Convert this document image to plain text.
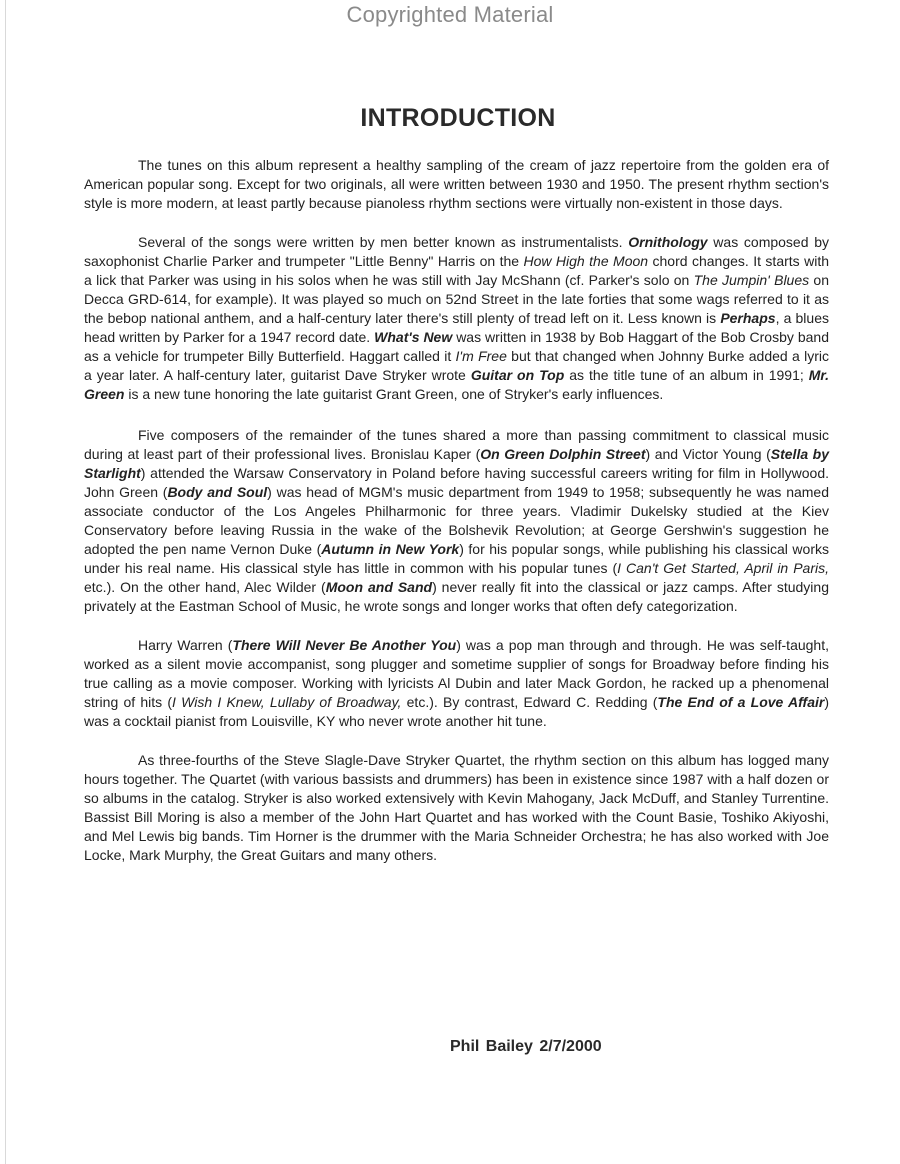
Copyrighted Material
INTRODUCTION

The tunes on this album represent a healthy sampling of the cream of jazz repertoire from the golden era of American popular song. Except for two originals, all were written between 1930 and 1950. The present rhythm section's style is more modern, at least partly because pianoless rhythm sections were virtually non-existent in those days.

Several of the songs were written by men better known as instrumentalists. Ornithology was composed by saxophonist Charlie Parker and trumpeter "Little Benny" Harris on the How High the Moon chord changes. It starts with a lick that Parker was using in his solos when he was still with Jay McShann (cf. Parker's solo on The Jumpin' Blues on Decca GRD-614, for example). It was played so much on 52nd Street in the late forties that some wags referred to it as the bebop national anthem, and a half-century later there's still plenty of tread left on it. Less known is Perhaps, a blues head written by Parker for a 1947 record date. What's New was written in 1938 by Bob Haggart of the Bob Crosby band as a vehicle for trumpeter Billy Butterfield. Haggart called it I'm Free but that changed when Johnny Burke added a lyric a year later. A half-century later, guitarist Dave Stryker wrote Guitar on Top as the title tune of an album in 1991; Mr. Green is a new tune honoring the late guitarist Grant Green, one of Stryker's early influences.

Five composers of the remainder of the tunes shared a more than passing commitment to classical music during at least part of their professional lives. Bronislau Kaper (On Green Dolphin Street) and Victor Young (Stella by Starlight) attended the Warsaw Conservatory in Poland before having successful careers writing for film in Hollywood. John Green (Body and Soul) was head of MGM's music department from 1949 to 1958; subsequently he was named associate conductor of the Los Angeles Philharmonic for three years. Vladimir Dukelsky studied at the Kiev Conservatory before leaving Russia in the wake of the Bolshevik Revolution; at George Gershwin's suggestion he adopted the pen name Vernon Duke (Autumn in New York) for his popular songs, while publishing his classical works under his real name. His classical style has little in common with his popular tunes (I Can't Get Started, April in Paris, etc.). On the other hand, Alec Wilder (Moon and Sand) never really fit into the classical or jazz camps. After studying privately at the Eastman School of Music, he wrote songs and longer works that often defy categorization.

Harry Warren (There Will Never Be Another You) was a pop man through and through. He was self-taught, worked as a silent movie accompanist, song plugger and sometime supplier of songs for Broadway before finding his true calling as a movie composer. Working with lyricists Al Dubin and later Mack Gordon, he racked up a phenomenal string of hits (I Wish I Knew, Lullaby of Broadway, etc.). By contrast, Edward C. Redding (The End of a Love Affair) was a cocktail pianist from Louisville, KY who never wrote another hit tune.

As three-fourths of the Steve Slagle-Dave Stryker Quartet, the rhythm section on this album has logged many hours together. The Quartet (with various bassists and drummers) has been in existence since 1987 with a half dozen or so albums in the catalog. Stryker is also worked extensively with Kevin Mahogany, Jack McDuff, and Stanley Turrentine. Bassist Bill Moring is also a member of the John Hart Quartet and has worked with the Count Basie, Toshiko Akiyoshi, and Mel Lewis big bands. Tim Horner is the drummer with the Maria Schneider Orchestra; he has also worked with Joe Locke, Mark Murphy, the Great Guitars and many others.

Phil Bailey 2/7/2000
